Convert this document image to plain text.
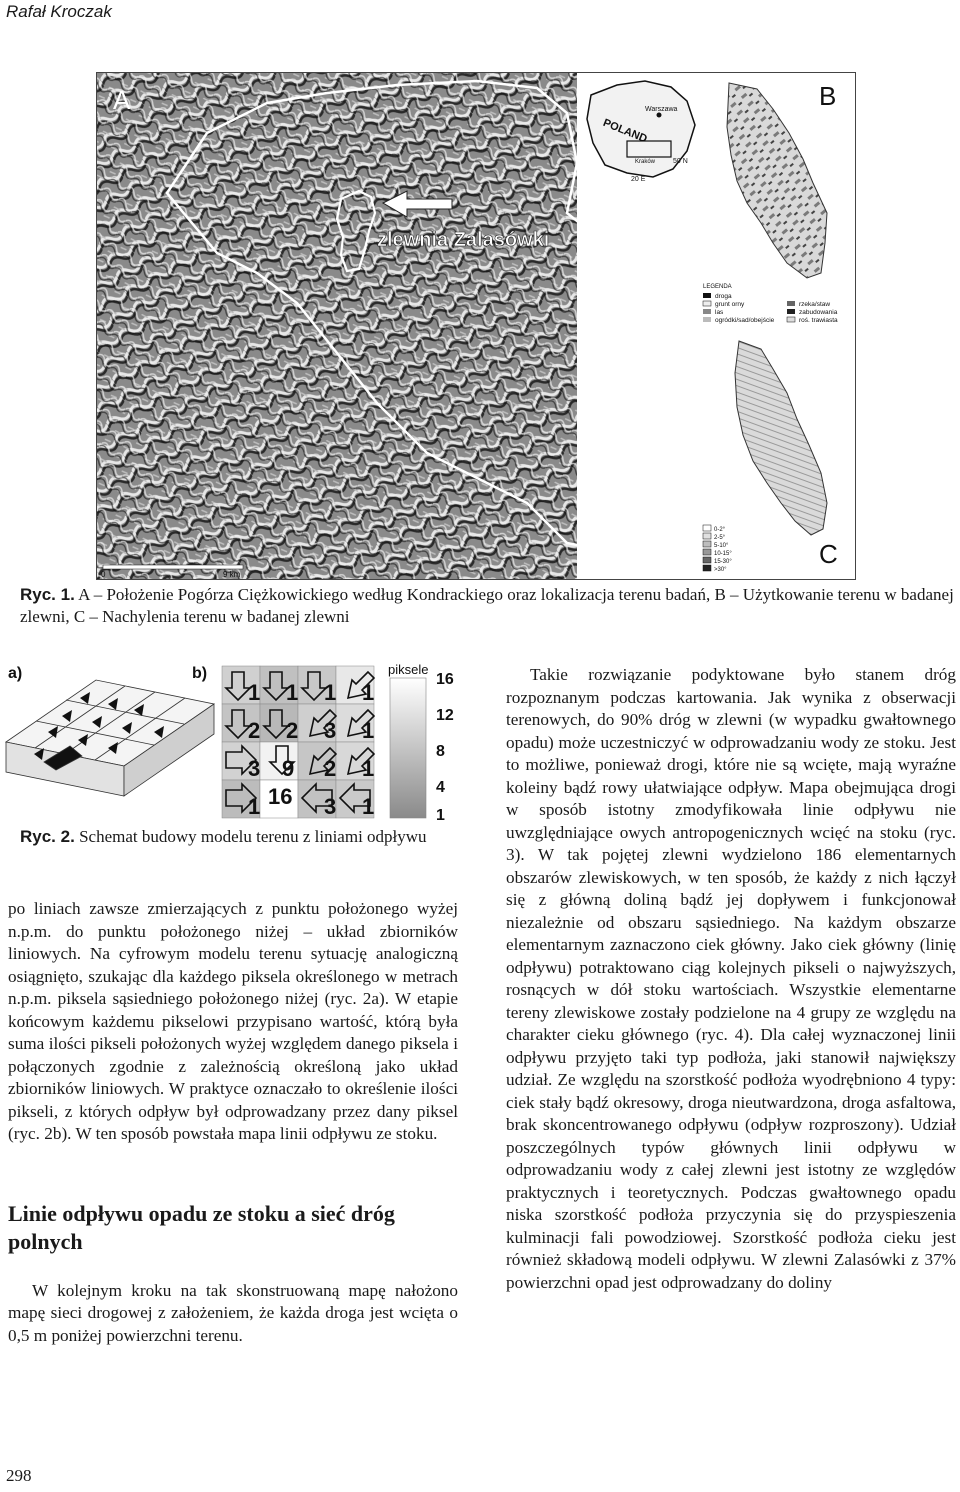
Rafał Kroczak
zlewnia Zalasówki
A
POLAND
Warszawa
Kraków	50 N
20 E
B
LEGENDA
droga
grunt orny
las
ogródki/sad/obejście
rzeka/staw
zabudowania
roś. trawiasta
0-2°
2-5°
5-10°
10-15°
15-30°
>30°
C
0	9 km
Ryc. 1. A – Położenie Pogórza Ciężkowickiego według Kondrackiego oraz lokalizacja terenu badań, B – Użytkowanie terenu w badanej zlewni, C – Nachylenia terenu w badanej zlewni
a)	b)
1 1 1 1
2 2 3 1
3 9 2 1
1 16 3 1
piksele
16
12
8
4
1
Ryc. 2. Schemat budowy modelu terenu z liniami odpływu

po liniach zawsze zmierzających z punktu położonego wyżej n.p.m. do punktu położonego niżej – układ zbiorników liniowych. Na cyfrowym modelu terenu sytuację analogiczną osiągnięto, szukając dla każdego piksela określonego w metrach n.p.m. piksela sąsiedniego położonego niżej (ryc. 2a). W etapie końcowym każdemu pikselowi przypisano wartość, którą była suma ilości pikseli położonych wyżej względem danego piksela i połączonych zgodnie z zależnością określoną jako układ zbiorników liniowych. W praktyce oznaczało to określenie ilości pikseli, z których odpływ był odprowadzany przez dany piksel (ryc. 2b). W ten sposób powstała mapa linii odpływu ze stoku.

Linie odpływu opadu ze stoku a sieć dróg polnych

W kolejnym kroku na tak skonstruowaną mapę nałożono mapę sieci drogowej z założeniem, że każda droga jest wcięta o 0,5 m poniżej powierzchni terenu.

Takie rozwiązanie podyktowane było stanem dróg rozpoznanym podczas kartowania. Jak wynika z obserwacji terenowych, do 90% dróg w zlewni (w wypadku gwałtownego opadu) może uczestniczyć w odprowadzaniu wody ze stoku. Jest to możliwe, ponieważ drogi, które nie są wcięte, mają wyraźne koleiny bądź rowy ułatwiające odpływ. Mapa obejmująca drogi w sposób istotny zmodyfikowała linie odpływu nie uwzględniające owych antropogenicznych wcięć na stoku (ryc. 3). W tak pojętej zlewni wydzielono 186 elementarnych obszarów zlewiskowych, w ten sposób, że każdy z nich łączył się z główną doliną bądź jej dopływem i funkcjonował niezależnie od obszaru sąsiedniego. Na każdym obszarze elementarnym zaznaczono ciek główny. Jako ciek główny (linię odpływu) potraktowano ciąg kolejnych pikseli o najwyższych, rosnących w dół stoku wartościach. Wszystkie elementarne tereny zlewiskowe zostały podzielone na 4 grupy ze względu na charakter cieku głównego (ryc. 4). Dla całej wyznaczonej linii odpływu przyjęto taki typ podłoża, jaki stanowił największy udział. Ze względu na szorstkość podłoża wyodrębniono 4 typy: ciek stały bądź okresowy, droga nieutwardzona, droga asfaltowa, brak skoncentrowanego odpływu (odpływ rozproszony). Udział poszczególnych typów głównych linii odpływu w odprowadzaniu wody z całej zlewni jest istotny ze względów praktycznych i teoretycznych. Podczas gwałtownego opadu niska szorstkość podłoża przyczynia się do przyspieszenia kulminacji fali powodziowej. Szorstkość podłoża cieku jest również składową modeli odpływu. W zlewni Zalasówki z 37% powierzchni opad jest odprowadzany do doliny

298
